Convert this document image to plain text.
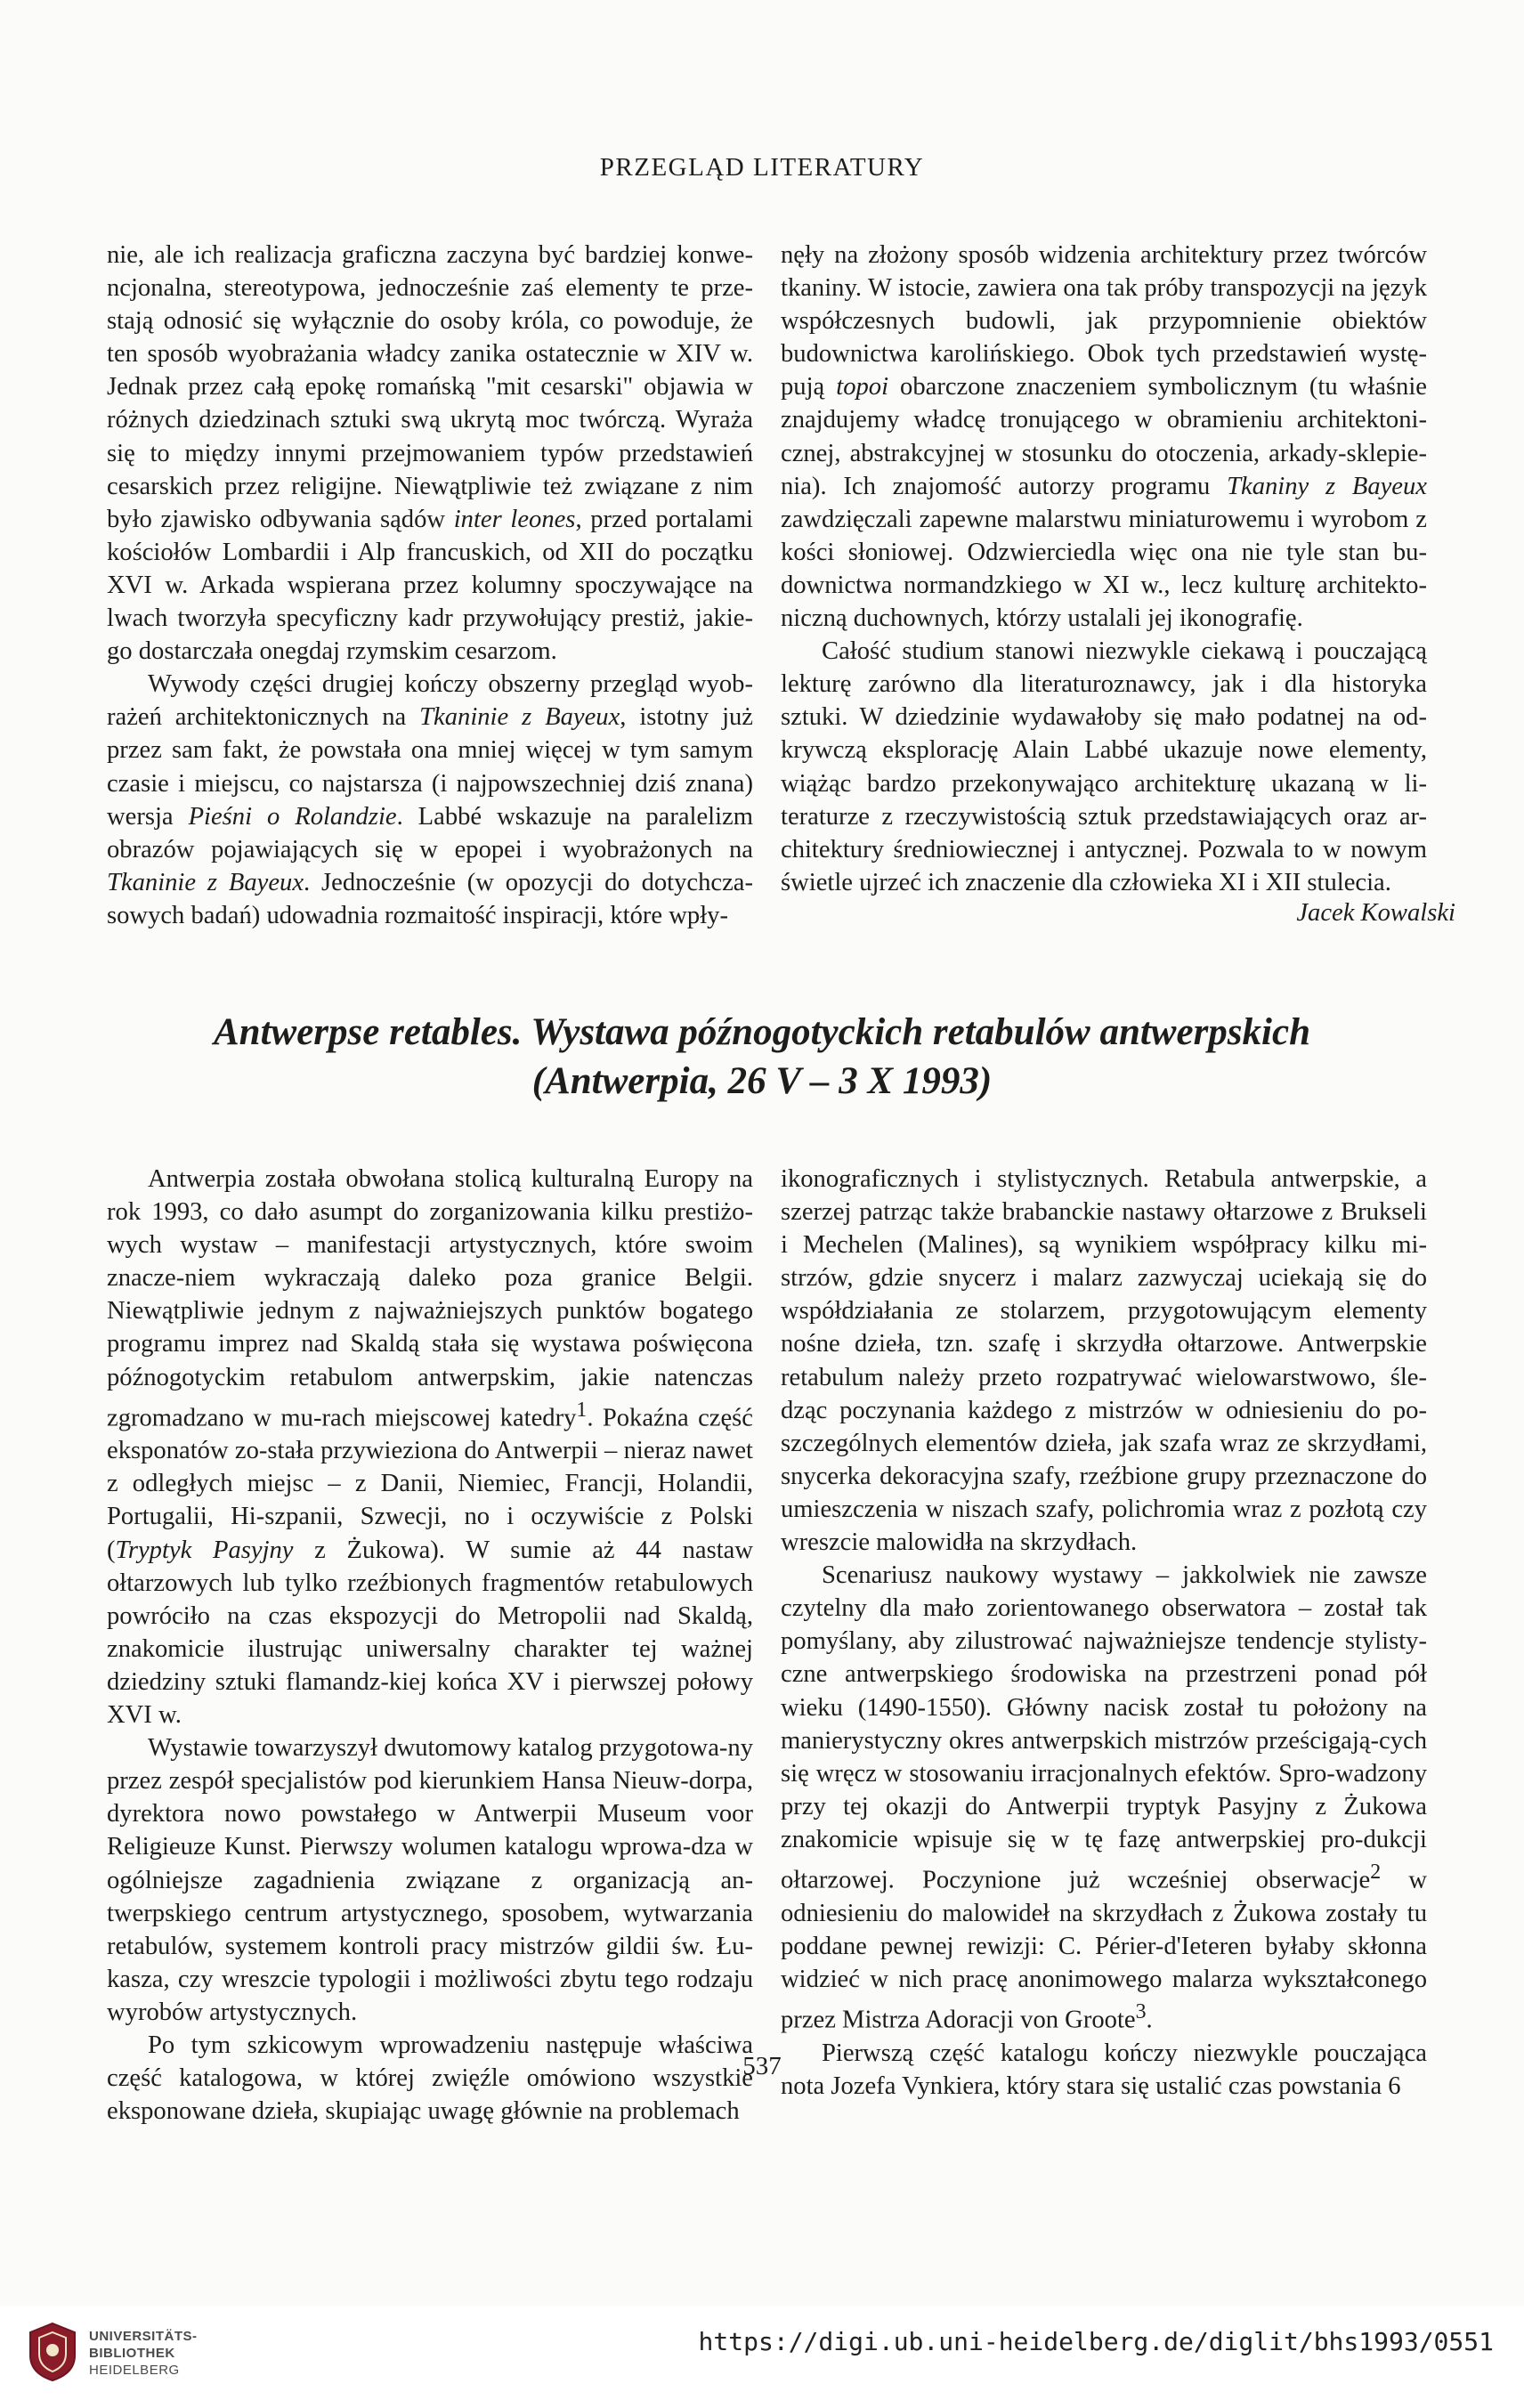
PRZEGLĄD LITERATURY

nie, ale ich realizacja graficzna zaczyna być bardziej konwe-ncjonalna, stereotypowa, jednocześnie zaś elementy te prze-stają odnosić się wyłącznie do osoby króla, co powoduje, że ten sposób wyobrażania władcy zanika ostatecznie w XIV w. Jednak przez całą epokę romańską "mit cesarski" objawia w różnych dziedzinach sztuki swą ukrytą moc twórczą. Wyraża się to między innymi przejmowaniem typów przedstawień cesarskich przez religijne. Niewątpliwie też związane z nim było zjawisko odbywania sądów inter leones, przed portalami kościołów Lombardii i Alp francuskich, od XII do początku XVI w. Arkada wspierana przez kolumny spoczywające na lwach tworzyła specyficzny kadr przywołujący prestiż, jakie-go dostarczała onegdaj rzymskim cesarzom.

Wywody części drugiej kończy obszerny przegląd wyob-rażeń architektonicznych na Tkaninie z Bayeux, istotny już przez sam fakt, że powstała ona mniej więcej w tym samym czasie i miejscu, co najstarsza (i najpowszechniej dziś znana) wersja Pieśni o Rolandzie. Labbé wskazuje na paralelizm obrazów pojawiających się w epopei i wyobrażonych na Tkaninie z Bayeux. Jednocześnie (w opozycji do dotychcza-sowych badań) udowadnia rozmaitość inspiracji, które wpły-

nęły na złożony sposób widzenia architektury przez twórców tkaniny. W istocie, zawiera ona tak próby transpozycji na język współczesnych budowli, jak przypomnienie obiektów budownictwa karolińskiego. Obok tych przedstawień wystę-pują topoi obarczone znaczeniem symbolicznym (tu właśnie znajdujemy władcę tronującego w obramieniu architektoni-cznej, abstrakcyjnej w stosunku do otoczenia, arkady-sklepie-nia). Ich znajomość autorzy programu Tkaniny z Bayeux zawdzięczali zapewne malarstwu miniaturowemu i wyrobom z kości słoniowej. Odzwierciedla więc ona nie tyle stan bu-downictwa normandzkiego w XI w., lecz kulturę architekto-niczną duchownych, którzy ustalali jej ikonografię.

Całość studium stanowi niezwykle ciekawą i pouczającą lekturę zarówno dla literaturoznawcy, jak i dla historyka sztuki. W dziedzinie wydawałoby się mało podatnej na od-krywczą eksplorację Alain Labbé ukazuje nowe elementy, wiążąc bardzo przekonywająco architekturę ukazaną w li-teraturze z rzeczywistością sztuk przedstawiających oraz ar-chitektury średniowiecznej i antycznej. Pozwala to w nowym świetle ujrzeć ich znaczenie dla człowieka XI i XII stulecia.

Jacek Kowalski
Antwerpse retables. Wystawa późnogotyckich retabulów antwerpskich
(Antwerpia, 26 V – 3 X 1993)

Antwerpia została obwołana stolicą kulturalną Europy na rok 1993, co dało asumpt do zorganizowania kilku prestiżo-wych wystaw – manifestacji artystycznych, które swoim znacze-niem wykraczają daleko poza granice Belgii. Niewątpliwie jednym z najważniejszych punktów bogatego programu imprez nad Skaldą stała się wystawa poświęcona późnogotyckim retabulom antwerpskim, jakie natenczas zgromadzano w mu-rach miejscowej katedry$^1$. Pokaźna część eksponatów zo-stała przywieziona do Antwerpii – nieraz nawet z odległych miejsc – z Danii, Niemiec, Francji, Holandii, Portugalii, Hi-szpanii, Szwecji, no i oczywiście z Polski (Tryptyk Pasyjny z Żukowa). W sumie aż 44 nastaw ołtarzowych lub tylko rzeźbionych fragmentów retabulowych powróciło na czas ekspozycji do Metropolii nad Skaldą, znakomicie ilustrując uniwersalny charakter tej ważnej dziedziny sztuki flamandz-kiej końca XV i pierwszej połowy XVI w.

Wystawie towarzyszył dwutomowy katalog przygotowa-ny przez zespół specjalistów pod kierunkiem Hansa Nieuw-dorpa, dyrektora nowo powstałego w Antwerpii Museum voor Religieuze Kunst. Pierwszy wolumen katalogu wprowa-dza w ogólniejsze zagadnienia związane z organizacją an-twerpskiego centrum artystycznego, sposobem, wytwarzania retabulów, systemem kontroli pracy mistrzów gildii św. Łu-kasza, czy wreszcie typologii i możliwości zbytu tego rodzaju wyrobów artystycznych.

Po tym szkicowym wprowadzeniu następuje właściwa część katalogowa, w której zwięźle omówiono wszystkie eksponowane dzieła, skupiając uwagę głównie na problemach

ikonograficznych i stylistycznych. Retabula antwerpskie, a szerzej patrząc także brabanckie nastawy ołtarzowe z Brukseli i Mechelen (Malines), są wynikiem współpracy kilku mi-strzów, gdzie snycerz i malarz zazwyczaj uciekają się do współdziałania ze stolarzem, przygotowującym elementy nośne dzieła, tzn. szafę i skrzydła ołtarzowe. Antwerpskie retabulum należy przeto rozpatrywać wielowarstwowo, śle-dząc poczynania każdego z mistrzów w odniesieniu do po-szczególnych elementów dzieła, jak szafa wraz ze skrzydłami, snycerka dekoracyjna szafy, rzeźbione grupy przeznaczone do umieszczenia w niszach szafy, polichromia wraz z pozłotą czy wreszcie malowidła na skrzydłach.

Scenariusz naukowy wystawy – jakkolwiek nie zawsze czytelny dla mało zorientowanego obserwatora – został tak pomyślany, aby zilustrować najważniejsze tendencje stylisty-czne antwerpskiego środowiska na przestrzeni ponad pół wieku (1490-1550). Główny nacisk został tu położony na manierystyczny okres antwerpskich mistrzów prześcigają-cych się wręcz w stosowaniu irracjonalnych efektów. Spro-wadzony przy tej okazji do Antwerpii tryptyk Pasyjny z Żukowa znakomicie wpisuje się w tę fazę antwerpskiej pro-dukcji ołtarzowej. Poczynione już wcześniej obserwacje$^2$ w odniesieniu do malowideł na skrzydłach z Żukowa zostały tu poddane pewnej rewizji: C. Périer-d'Ieteren byłaby skłonna widzieć w nich pracę anonimowego malarza wykształconego przez Mistrza Adoracji von Groote$^3$.

Pierwszą część katalogu kończy niezwykle pouczająca nota Jozefa Vynkiera, który stara się ustalić czas powstania 6

537
UNIVERSITÄTS-
BIBLIOTHEK
HEIDELBERG
https://digi.ub.uni-heidelberg.de/diglit/bhs1993/0551
